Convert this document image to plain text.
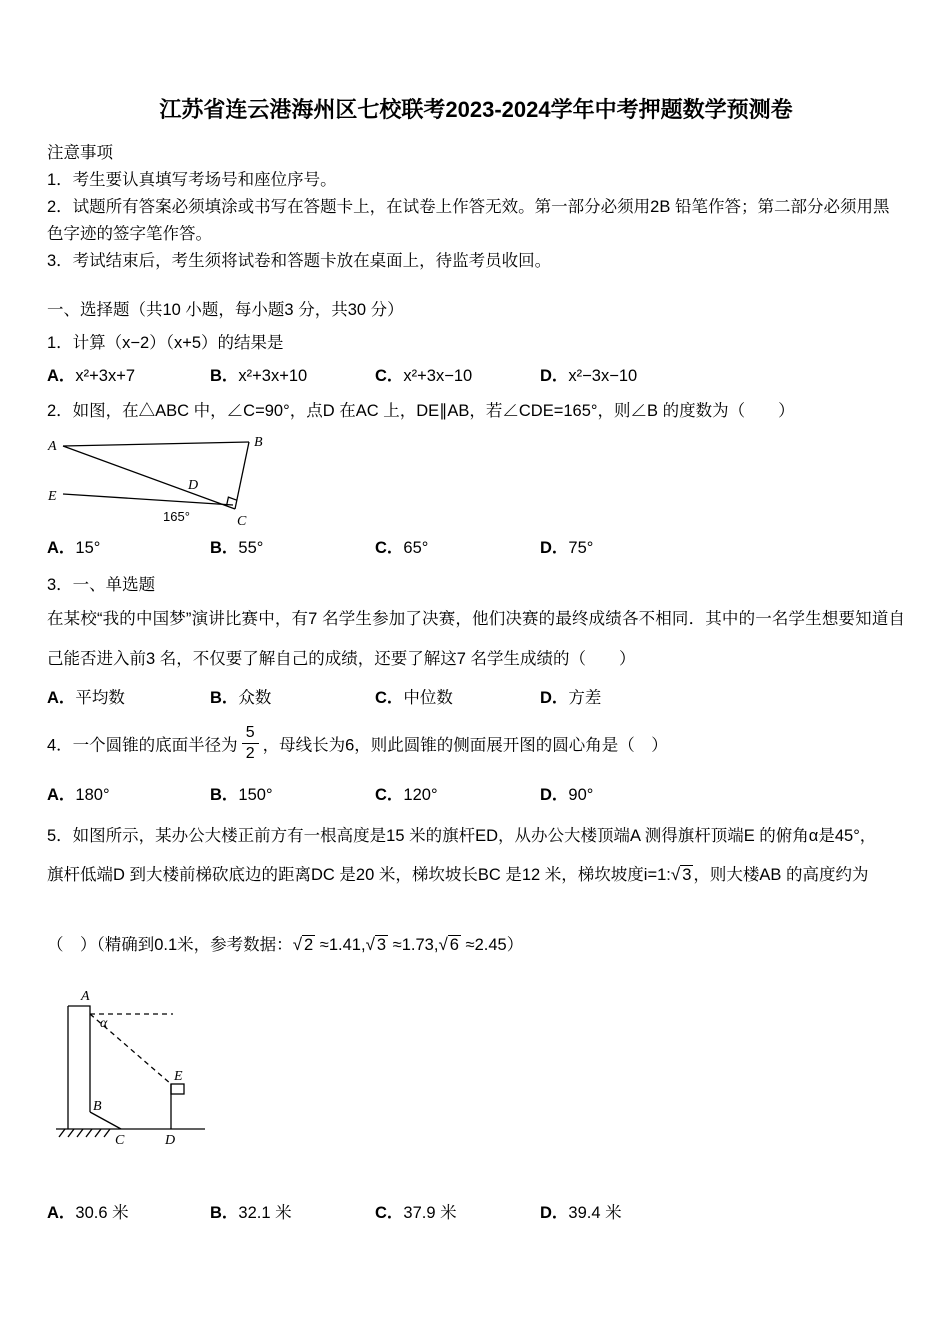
江苏省连云港海州区七校联考2023-2024学年中考押题数学预测卷

注意事项

1．考生要认真填写考场号和座位序号。

2．试题所有答案必须填涂或书写在答题卡上，在试卷上作答无效。第一部分必须用2B 铅笔作答；第二部分必须用黑色字迹的签字笔作答。

3．考试结束后，考生须将试卷和答题卡放在桌面上，待监考员收回。

一、选择题（共10 小题，每小题3 分，共30 分）

1．计算（x−2）（x+5）的结果是

A．x²+3x+7	B．x²+3x+10	C．x²+3x−10	D．x²−3x−10

2．如图，在△ABC 中，∠C=90°，点D 在AC 上，DE∥AB，若∠CDE=165°，则∠B 的度数为（　　）

A	B
C
D
E
165°
A．15°	B．55°	C．65°	D．75°

3．一、单选题

在某校“我的中国梦”演讲比赛中，有7 名学生参加了决赛，他们决赛的最终成绩各不相同．其中的一名学生想要知道自己能否进入前3 名，不仅要了解自己的成绩，还要了解这7 名学生成绩的（　　）

A．平均数	B．众数	C．中位数	D．方差

4．一个圆锥的底面半径为 $\frac{5}{2}$ ，母线长为6，则此圆锥的侧面展开图的圆心角是（　）

A．180°	B．150°	C．120°	D．90°

5．如图所示，某办公大楼正前方有一根高度是15 米的旗杆ED，从办公大楼顶端A 测得旗杆顶端E 的俯角α是45°，

旗杆低端D 到大楼前梯砍底边的距离DC 是20 米，梯坎坡长BC 是12 米，梯坎坡度i=1:√ 3 ，则大楼AB 的高度约为

（　）（精确到0.1米，参考数据：√ 2 ≈1.41,√ 3 ≈1.73,√ 6 ≈2.45）

A
α
E
B
C	D
A．30.6 米	B．32.1 米	C．37.9 米	D．39.4 米
